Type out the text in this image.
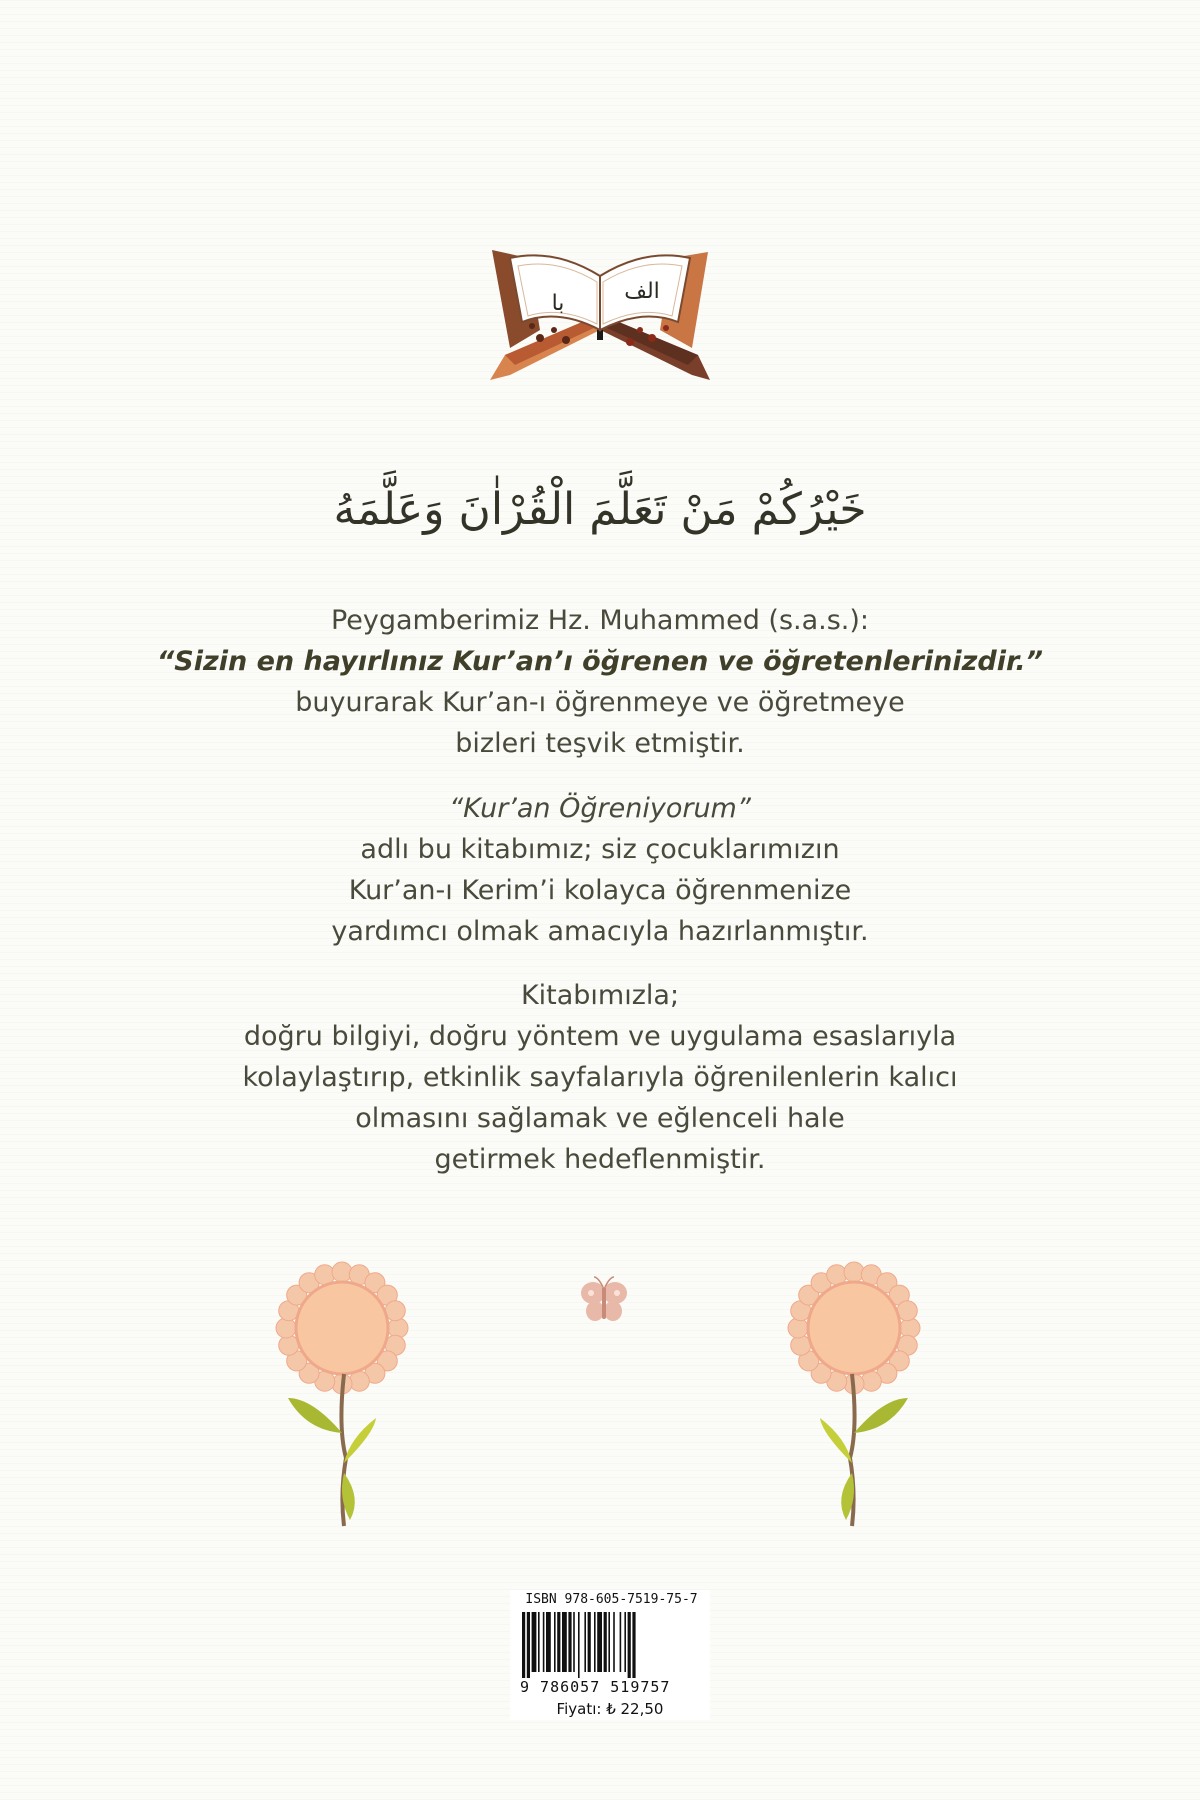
الف
با
خَيْرُكُمْ مَنْ تَعَلَّمَ الْقُرْاٰنَ وَعَلَّمَهُ

Peygamberimiz Hz. Muhammed (s.a.s.):

“Sizin en hayırlınız Kur’an’ı öğrenen ve öğretenlerinizdir.”

buyurarak Kur’an-ı öğrenmeye ve öğretmeye

bizleri teşvik etmiştir.

“Kur’an Öğreniyorum”

adlı bu kitabımız; siz çocuklarımızın

Kur’an-ı Kerim’i kolayca öğrenmenize

yardımcı olmak amacıyla hazırlanmıştır.

Kitabımızla;

doğru bilgiyi, doğru yöntem ve uygulama esaslarıyla

kolaylaştırıp, etkinlik sayfalarıyla öğrenilenlerin kalıcı

olmasını sağlamak ve eğlenceli hale

getirmek hedeflenmiştir.

ISBN 978-605-7519-75-7
9 786057 519757
Fiyatı: ₺ 22,50
